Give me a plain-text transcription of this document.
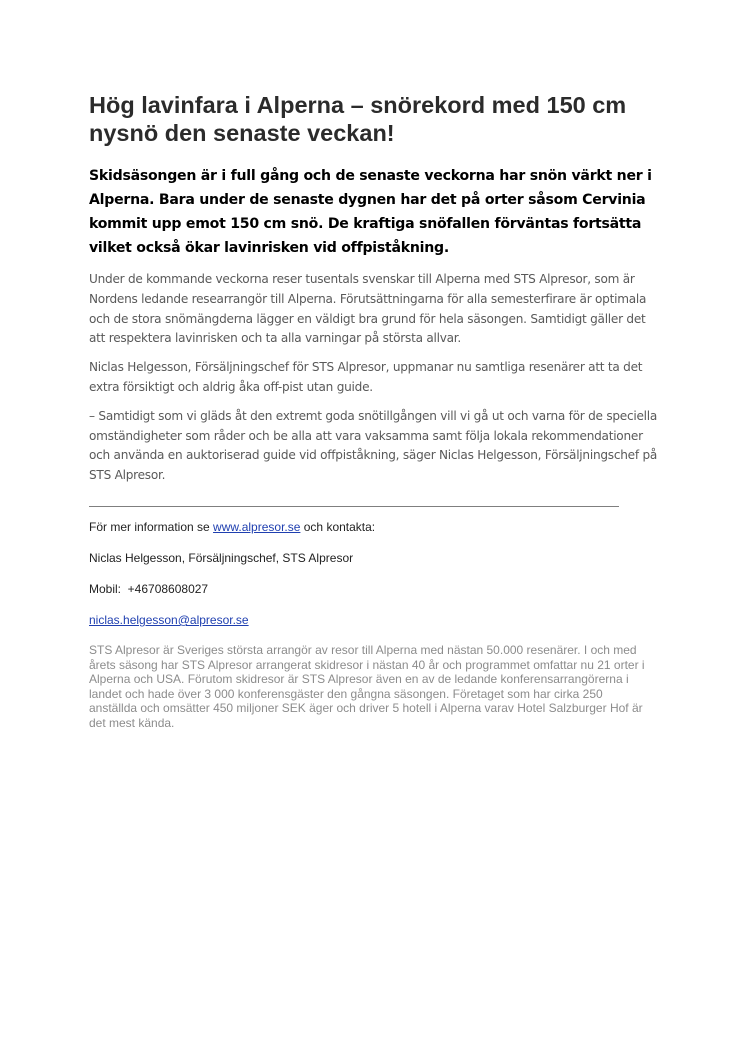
Hög lavinfara i Alperna – snörekord med 150 cm nysnö den senaste veckan!

Skidsäsongen är i full gång och de senaste veckorna har snön värkt ner i Alperna. Bara under de senaste dygnen har det på orter såsom Cervinia kommit upp emot 150 cm snö. De kraftiga snöfallen förväntas fortsätta vilket också ökar lavinrisken vid offpiståkning.

Under de kommande veckorna reser tusentals svenskar till Alperna med STS Alpresor, som är Nordens ledande researrangör till Alperna. Förutsättningarna för alla semesterfirare är optimala och de stora snömängderna lägger en väldigt bra grund för hela säsongen. Samtidigt gäller det att respektera lavinrisken och ta alla varningar på största allvar.

Niclas Helgesson, Försäljningschef för STS Alpresor, uppmanar nu samtliga resenärer att ta det extra försiktigt och aldrig åka off-pist utan guide.

– Samtidigt som vi gläds åt den extremt goda snötillgången vill vi gå ut och varna för de speciella omständigheter som råder och be alla att vara vaksamma samt följa lokala rekommendationer och använda en auktoriserad guide vid offpiståkning, säger Niclas Helgesson, Försäljningschef på STS Alpresor.

För mer information se www.alpresor.se och kontakta:

Niclas Helgesson, Försäljningschef, STS Alpresor

Mobil:  +46708608027

niclas.helgesson@alpresor.se

STS Alpresor är Sveriges största arrangör av resor till Alperna med nästan 50.000 resenärer. I och med årets säsong har STS Alpresor arrangerat skidresor i nästan 40 år och programmet omfattar nu 21 orter i Alperna och USA. Förutom skidresor är STS Alpresor även en av de ledande konferensarrangörerna i landet och hade över 3 000 konferensgäster den gångna säsongen. Företaget som har cirka 250 anställda och omsätter 450 miljoner SEK äger och driver 5 hotell i Alperna varav Hotel Salzburger Hof är det mest kända.
